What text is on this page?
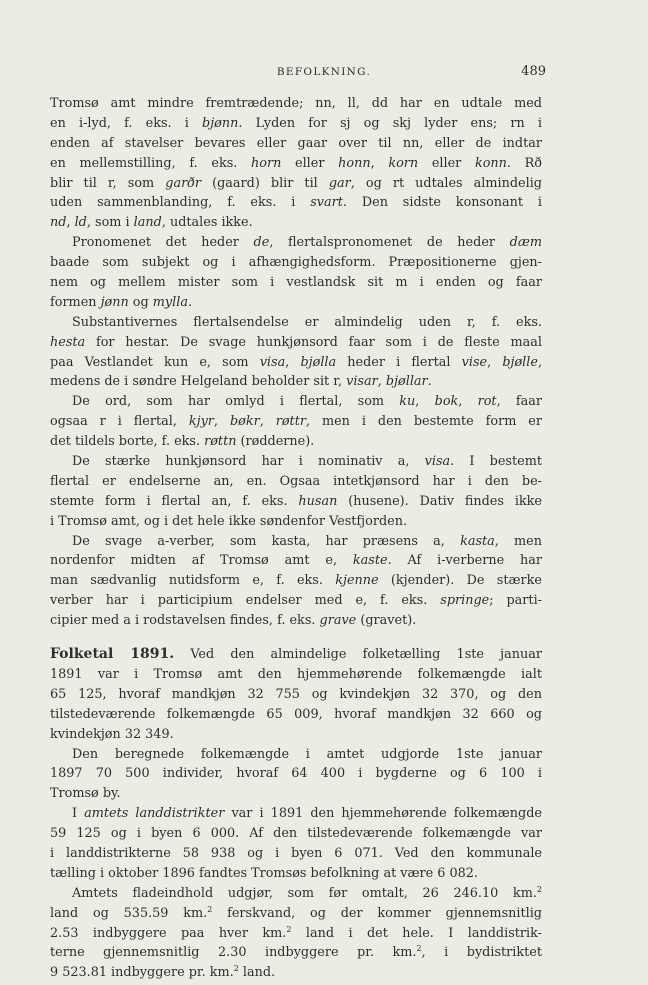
BEFOLKNING.	489
Tromsø amt mindre fremtrædende; nn, ll, dd har en udtale med
en i-lyd, f. eks. i bjønn. Lyden for sj og skj lyder ens; rn i
enden af stavelser bevares eller gaar over til nn, eller de indtar
en mellemstilling, f. eks. horn eller honn, korn eller konn. Rð
blir til r, som garðr (gaard) blir til gar, og rt udtales almindelig
uden sammenblanding, f. eks. i svart. Den sidste konsonant i
nd, ld, som i land, udtales ikke.
Pronomenet det heder de, flertalspronomenet de heder dæm
baade som subjekt og i afhængighedsform. Præpositionerne gjen-
nem og mellem mister som i vestlandsk sit m i enden og faar
formen jønn og mylla.
Substantivernes flertalsendelse er almindelig uden r, f. eks.
hesta for hestar. De svage hunkjønsord faar som i de fleste maal
paa Vestlandet kun e, som visa, bjølla heder i flertal vise, bjølle,
medens de i søndre Helgeland beholder sit r, visar, bjøllar.
De ord, som har omlyd i flertal, som ku, bok, rot, faar
ogsaa r i flertal, kjyr, bøkr, røttr, men i den bestemte form er
det tildels borte, f. eks. røttn (rødderne).
De stærke hunkjønsord har i nominativ a, visa. I bestemt
flertal er endelserne an, en. Ogsaa intetkjønsord har i den be-
stemte form i flertal an, f. eks. husan (husene). Dativ findes ikke
i Tromsø amt, og i det hele ikke søndenfor Vestfjorden.
De svage a-verber, som kasta, har præsens a, kasta, men
nordenfor midten af Tromsø amt e, kaste. Af i-verberne har
man sædvanlig nutidsform e, f. eks. kjenne (kjender). De stærke
verber har i participium endelser med e, f. eks. springe; parti-
cipier med a i rodstavelsen findes, f. eks. grave (gravet).
Folketal 1891. Ved den almindelige folketælling 1ste januar
1891 var i Tromsø amt den hjemmehørende folkemængde ialt
65 125, hvoraf mandkjøn 32 755 og kvindekjøn 32 370, og den
tilstedeværende folkemængde 65 009, hvoraf mandkjøn 32 660 og
kvindekjøn 32 349.
Den beregnede folkemængde i amtet udgjorde 1ste januar
1897 70 500 individer, hvoraf 64 400 i bygderne og 6 100 i
Tromsø by.
I amtets landdistrikter var i 1891 den hjemmehørende folkemængde
59 125 og i byen 6 000. Af den tilstedeværende folkemængde var
i landdistrikterne 58 938 og i byen 6 071. Ved den kommunale
tælling i oktober 1896 fandtes Tromsøs befolkning at være 6 082.
Amtets fladeindhold udgjør, som før omtalt, 26 246.10 km.$^2$
land og 535.59 km.$^2$ ferskvand, og der kommer gjennemsnitlig
2.53 indbyggere paa hver km.$^2$ land i det hele. I landdistrik-
terne gjennemsnitlig 2.30 indbyggere pr. km.$^2$, i bydistriktet
9 523.81 indbyggere pr. km.$^2$ land.
